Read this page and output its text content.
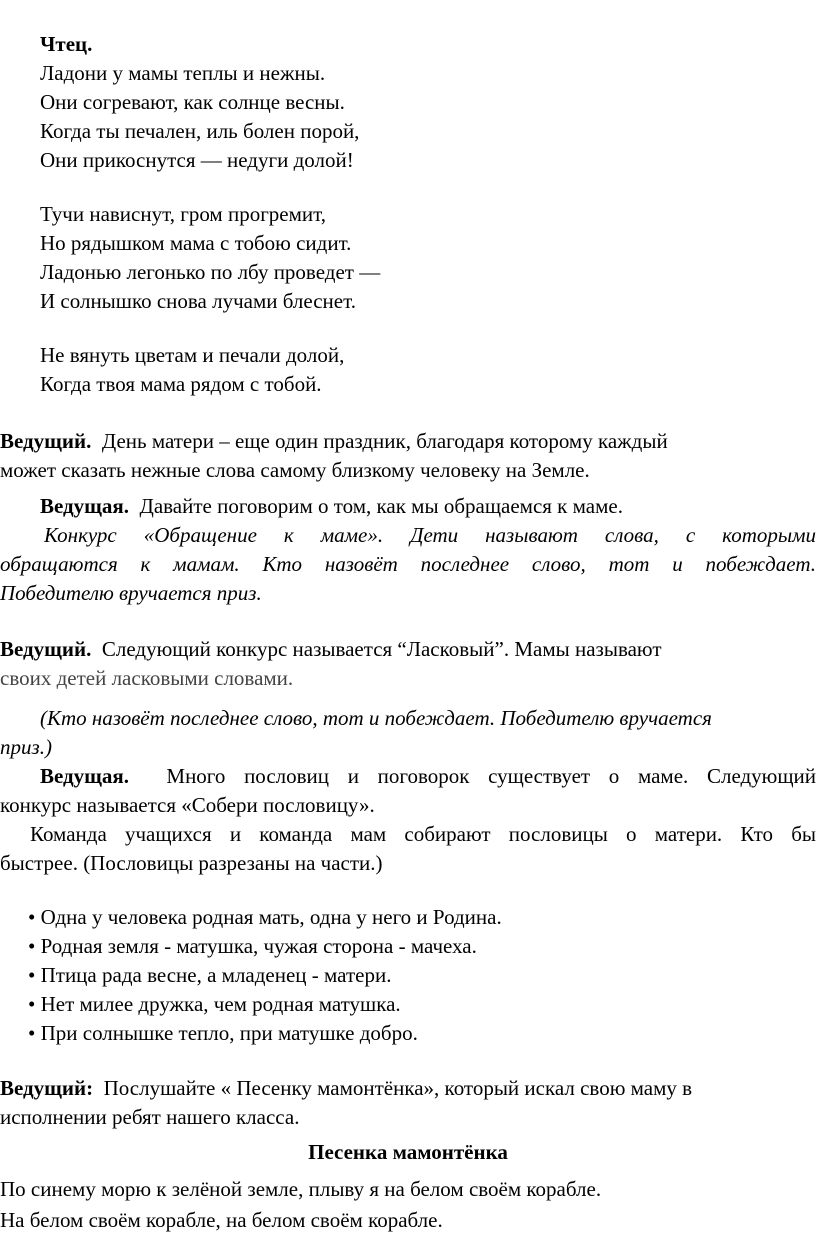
Чтец.
Ладони у мамы теплы и нежны.
Они согревают, как солнце весны.
Когда ты печален, иль болен порой,
Они прикоснутся — недуги долой!
Тучи нависнут, гром прогремит,
Но рядышком мама с тобою сидит.
Ладонью легонько по лбу проведет —
И солнышко снова лучами блеснет.
Не вянуть цветам и печали долой,
Когда твоя мама рядом с тобой.
Ведущий. День матери – еще один праздник, благодаря которому каждый
может сказать нежные слова самому близкому человеку на Земле.
Ведущая. Давайте поговорим о том, как мы обращаемся к маме.
Конкурс «Обращение к маме». Дети называют слова, с которыми
обращаются к мамам. Кто назовёт последнее слово, тот и побеждает.
Победителю вручается приз.
Ведущий. Следующий конкурс называется “Ласковый”. Мамы называют
своих детей ласковыми словами.
(Кто назовёт последнее слово, тот и побеждает. Победителю вручается
приз.)
Ведущая. Много пословиц и поговорок существует о маме. Следующий
конкурс называется «Собери пословицу».
Команда учащихся и команда мам собирают пословицы о матери. Кто бы
быстрее. (Пословицы разрезаны на части.)
• Одна у человека родная мать, одна у него и Родина.
• Родная земля - матушка, чужая сторона - мачеха.
• Птица рада весне, а младенец - матери.
• Нет милее дружка, чем родная матушка.
• При солнышке тепло, при матушке добро.
Ведущий: Послушайте « Песенку мамонтёнка», который искал свою маму в
исполнении ребят нашего класса.
Песенка мамонтёнка
По синему морю к зелёной земле, плыву я на белом своём корабле.
На белом своём корабле, на белом своём корабле.
